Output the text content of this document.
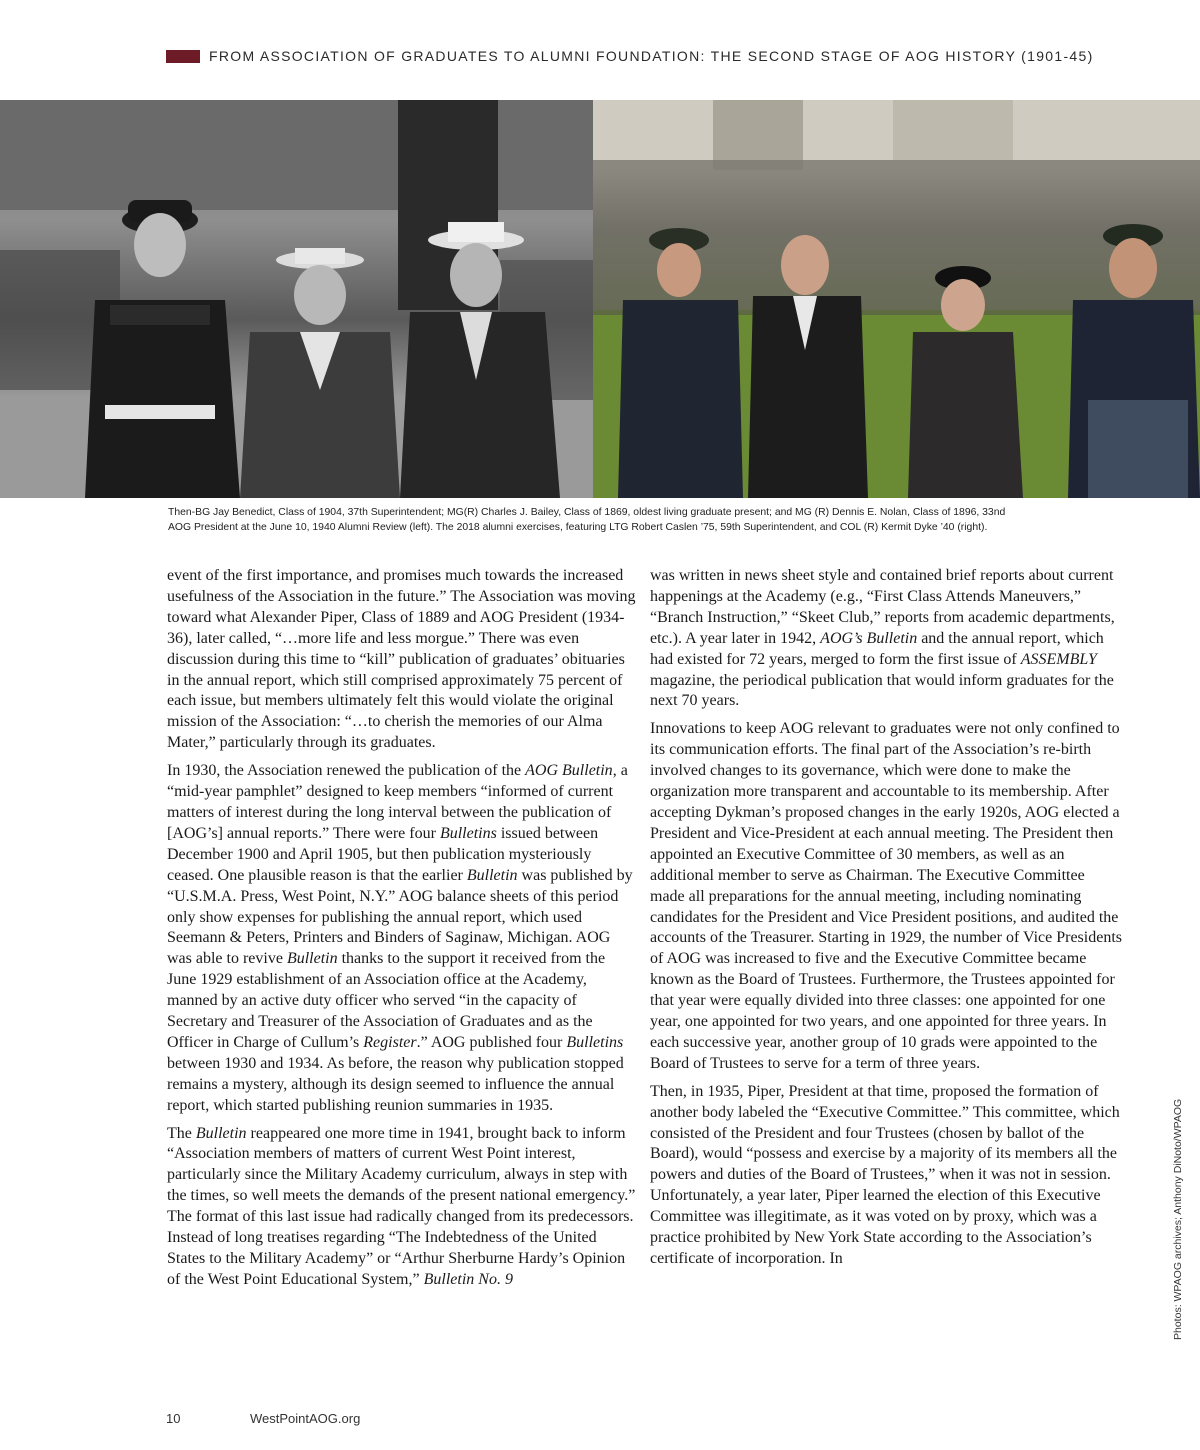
FROM ASSOCIATION OF GRADUATES TO ALUMNI FOUNDATION: THE SECOND STAGE OF AOG HISTORY (1901-45)
Then-BG Jay Benedict, Class of 1904, 37th Superintendent; MG(R) Charles J. Bailey, Class of 1869, oldest living graduate present; and MG (R) Dennis E. Nolan, Class of 1896, 33nd
AOG President at the June 10, 1940 Alumni Review (left). The 2018 alumni exercises, featuring LTG Robert Caslen ’75, 59th Superintendent, and COL (R) Kermit Dyke ’40 (right).

event of the first importance, and promises much towards the increased usefulness of the Association in the future.” The Association was moving toward what Alexander Piper, Class of 1889 and AOG President (1934-36), later called, “…more life and less morgue.” There was even discussion during this time to “kill” publication of graduates’ obituaries in the annual report, which still comprised approximately 75 percent of each issue, but members ultimately felt this would violate the original mission of the Association: “…to cherish the memories of our Alma Mater,” particularly through its graduates.

In 1930, the Association renewed the publication of the AOG Bulletin, a “mid-year pamphlet” designed to keep members “informed of current matters of interest during the long interval between the publication of [AOG’s] annual reports.” There were four Bulletins issued between December 1900 and April 1905, but then publication mysteriously ceased. One plausible reason is that the earlier Bulletin was published by “U.S.M.A. Press, West Point, N.Y.” AOG balance sheets of this period only show expenses for publishing the annual report, which used Seemann & Peters, Printers and Binders of Saginaw, Michigan. AOG was able to revive Bulletin thanks to the support it received from the June 1929 establishment of an Association office at the Academy, manned by an active duty officer who served “in the capacity of Secretary and Treasurer of the Association of Graduates and as the Officer in Charge of Cullum’s Register.” AOG published four Bulletins between 1930 and 1934. As before, the reason why publication stopped remains a mystery, although its design seemed to influence the annual report, which started publishing reunion summaries in 1935.

The Bulletin reappeared one more time in 1941, brought back to inform “Association members of matters of current West Point interest, particularly since the Military Academy curriculum, always in step with the times, so well meets the demands of the present national emergency.” The format of this last issue had radically changed from its predecessors. Instead of long treatises regarding “The Indebtedness of the United States to the Military Academy” or “Arthur Sherburne Hardy’s Opinion of the West Point Educational System,” Bulletin No. 9

was written in news sheet style and contained brief reports about current happenings at the Academy (e.g., “First Class Attends Maneuvers,” “Branch Instruction,” “Skeet Club,” reports from academic departments, etc.). A year later in 1942, AOG’s Bulletin and the annual report, which had existed for 72 years, merged to form the first issue of ASSEMBLY magazine, the periodical publication that would inform graduates for the next 70 years.

Innovations to keep AOG relevant to graduates were not only confined to its communication efforts. The final part of the Association’s re-birth involved changes to its governance, which were done to make the organization more transparent and accountable to its membership. After accepting Dykman’s proposed changes in the early 1920s, AOG elected a President and Vice-President at each annual meeting. The President then appointed an Executive Committee of 30 members, as well as an additional member to serve as Chairman. The Executive Committee made all preparations for the annual meeting, including nominating candidates for the President and Vice President positions, and audited the accounts of the Treasurer. Starting in 1929, the number of Vice Presidents of AOG was increased to five and the Executive Committee became known as the Board of Trustees. Furthermore, the Trustees appointed for that year were equally divided into three classes: one appointed for one year, one appointed for two years, and one appointed for three years. In each successive year, another group of 10 grads were appointed to the Board of Trustees to serve for a term of three years.

Then, in 1935, Piper, President at that time, proposed the formation of another body labeled the “Executive Committee.” This committee, which consisted of the President and four Trustees (chosen by ballot of the Board), would “possess and exercise by a majority of its members all the powers and duties of the Board of Trustees,” when it was not in session. Unfortunately, a year later, Piper learned the election of this Executive Committee was illegitimate, as it was voted on by proxy, which was a practice prohibited by New York State according to the Association’s certificate of incorporation. In	Photos: WPAOG archives; Anthony DiNoto/WPAOG
10	WestPointAOG.org
